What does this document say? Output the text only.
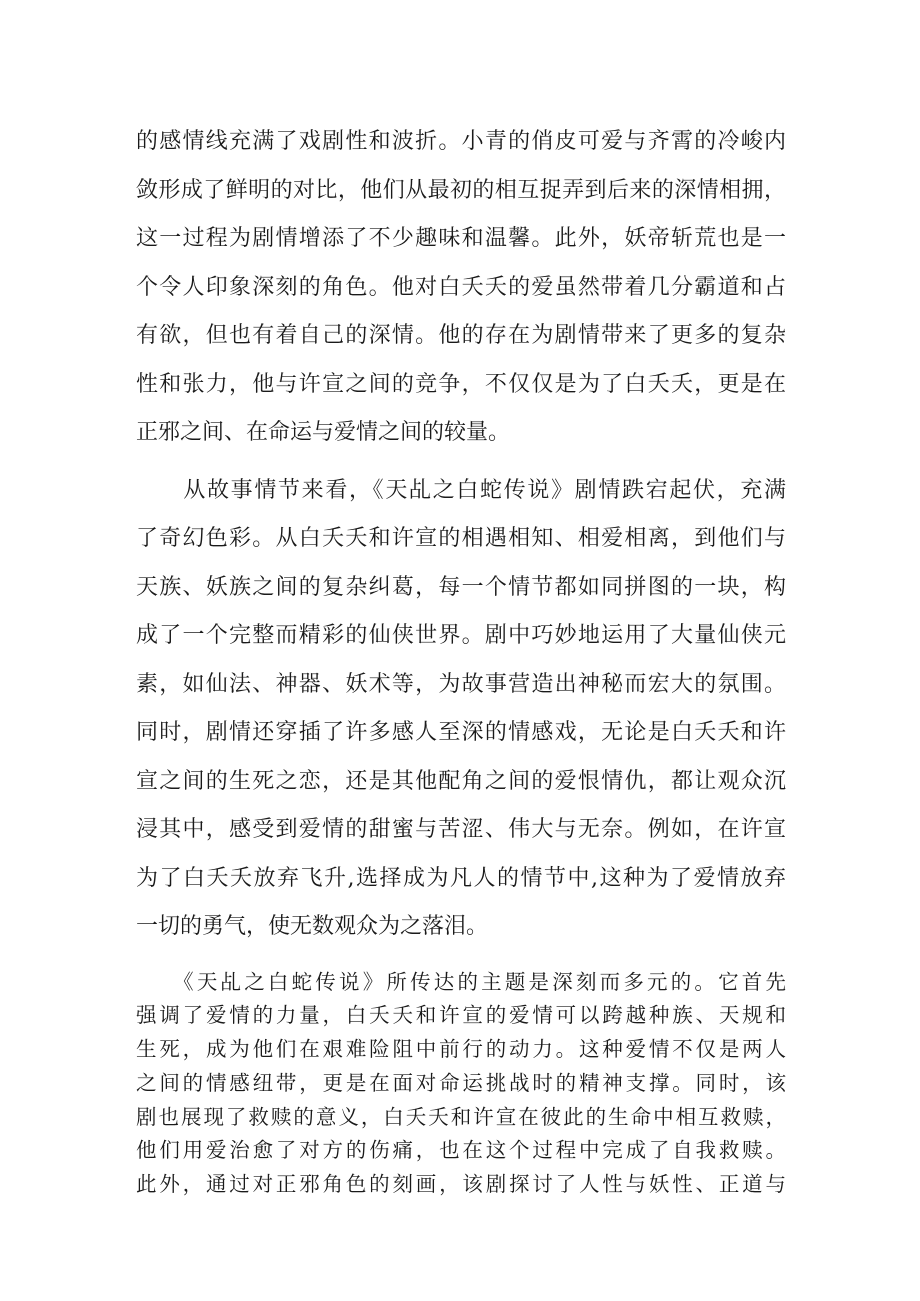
的感情线充满了戏剧性和波折。小青的俏皮可爱与齐霄的冷峻内
敛形成了鲜明的对比，他们从最初的相互捉弄到后来的深情相拥，
这一过程为剧情增添了不少趣味和温馨。此外，妖帝斩荒也是一
个令人印象深刻的角色。他对白夭夭的爱虽然带着几分霸道和占
有欲，但也有着自己的深情。他的存在为剧情带来了更多的复杂
性和张力，他与许宣之间的竞争，不仅仅是为了白夭夭，更是在
正邪之间、在命运与爱情之间的较量。
　　从故事情节来看，《天乩之白蛇传说》剧情跌宕起伏，充满
了奇幻色彩。从白夭夭和许宣的相遇相知、相爱相离，到他们与
天族、妖族之间的复杂纠葛，每一个情节都如同拼图的一块，构
成了一个完整而精彩的仙侠世界。剧中巧妙地运用了大量仙侠元
素，如仙法、神器、妖术等，为故事营造出神秘而宏大的氛围。
同时，剧情还穿插了许多感人至深的情感戏，无论是白夭夭和许
宣之间的生死之恋，还是其他配角之间的爱恨情仇，都让观众沉
浸其中，感受到爱情的甜蜜与苦涩、伟大与无奈。例如，在许宣
为了白夭夭放弃飞升,选择成为凡人的情节中,这种为了爱情放弃
一切的勇气，使无数观众为之落泪。
　　《天乩之白蛇传说》所传达的主题是深刻而多元的。它首先
强调了爱情的力量，白夭夭和许宣的爱情可以跨越种族、天规和
生死，成为他们在艰难险阻中前行的动力。这种爱情不仅是两人
之间的情感纽带，更是在面对命运挑战时的精神支撑。同时，该
剧也展现了救赎的意义，白夭夭和许宣在彼此的生命中相互救赎，
他们用爱治愈了对方的伤痛，也在这个过程中完成了自我救赎。
此外，通过对正邪角色的刻画，该剧探讨了人性与妖性、正道与
